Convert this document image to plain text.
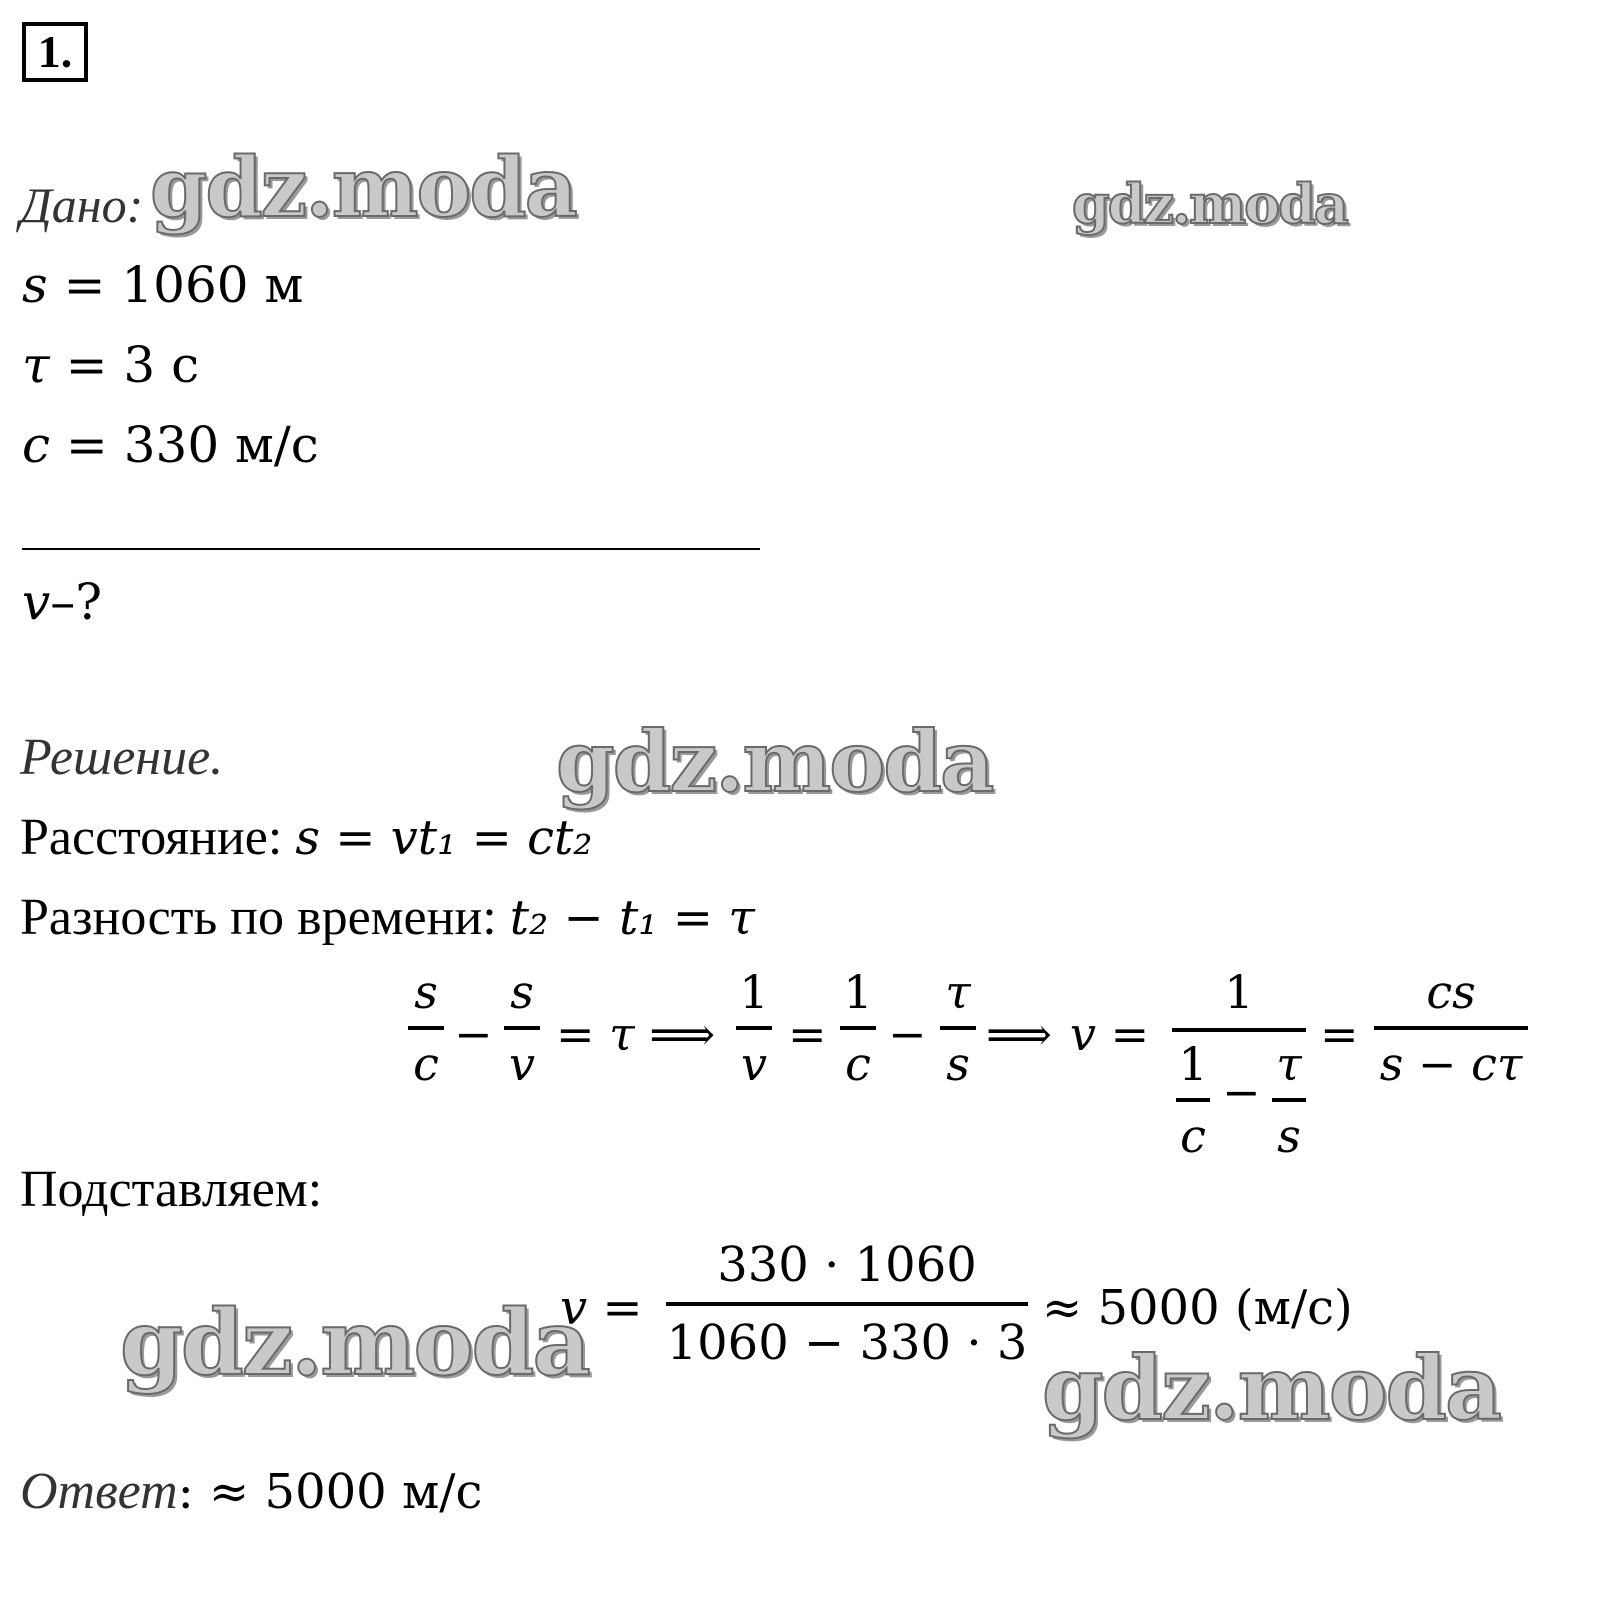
1.
Дано:
s = 1060 м
τ = 3 с
c = 330 м/с
v–?
Решение.
Расстояние: s = vt₁ = ct₂
Разность по времени: t₂ − t₁ = τ
s
c
−
s
v
= τ ⟹
1
v
=
1
c
−
τ
s
⟹ v =
1
1
c
−
τ
s
=
cs
s − cτ
Подставляем:
v =
330 · 1060
1060 − 330 · 3
≈ 5000 (м/с)
Ответ: ≈ 5000 м/с
gdz.moda	gdz.moda
gdz.moda
gdz.moda	gdz.moda
